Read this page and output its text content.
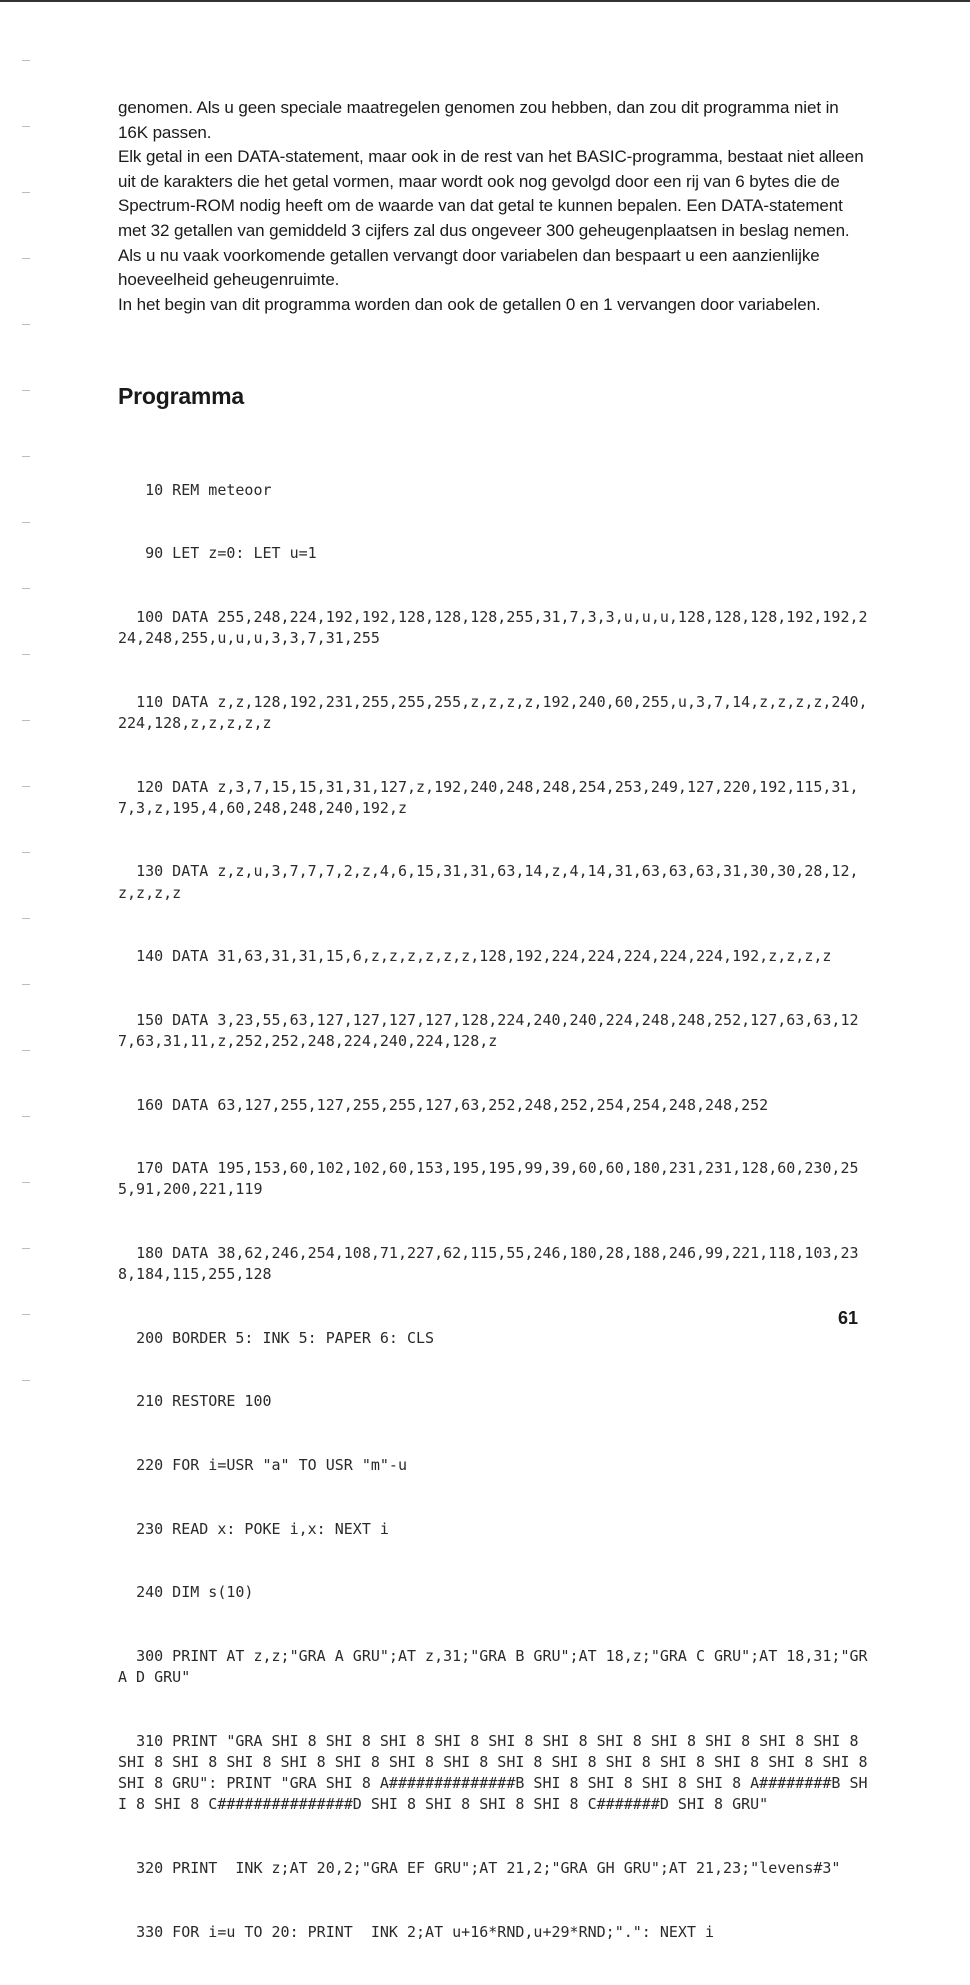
genomen. Als u geen speciale maatregelen genomen zou hebben, dan zou dit programma niet in 16K passen.

Elk getal in een DATA-statement, maar ook in de rest van het BASIC-programma, bestaat niet alleen uit de karakters die het getal vormen, maar wordt ook nog gevolgd door een rij van 6 bytes die de Spectrum-ROM nodig heeft om de waarde van dat getal te kunnen bepalen. Een DATA-statement met 32 getallen van gemiddeld 3 cijfers zal dus ongeveer 300 geheugenplaatsen in beslag nemen. Als u nu vaak voorkomende getallen vervangt door variabelen dan bespaart u een aanzienlijke hoeveelheid geheugenruimte.

In het begin van dit programma worden dan ook de getallen 0 en 1 vervangen door variabelen.

Programma

10 REM meteoor

90 LET z=0: LET u=1

100 DATA 255,248,224,192,192,128,128,128,255,31,7,3,3,u,u,u,128,128,128,192,192,224,248,255,u,u,u,3,3,7,31,255

110 DATA z,z,128,192,231,255,255,255,z,z,z,z,192,240,60,255,u,3,7,14,z,z,z,z,240,224,128,z,z,z,z,z

120 DATA z,3,7,15,15,31,31,127,z,192,240,248,248,254,253,249,127,220,192,115,31,7,3,z,195,4,60,248,248,240,192,z

130 DATA z,z,u,3,7,7,7,2,z,4,6,15,31,31,63,14,z,4,14,31,63,63,63,31,30,30,28,12,z,z,z,z

140 DATA 31,63,31,31,15,6,z,z,z,z,z,z,128,192,224,224,224,224,224,192,z,z,z,z

150 DATA 3,23,55,63,127,127,127,127,128,224,240,240,224,248,248,252,127,63,63,127,63,31,11,z,252,252,248,224,240,224,128,z

160 DATA 63,127,255,127,255,255,127,63,252,248,252,254,254,248,248,252

170 DATA 195,153,60,102,102,60,153,195,195,99,39,60,60,180,231,231,128,60,230,255,91,200,221,119

180 DATA 38,62,246,254,108,71,227,62,115,55,246,180,28,188,246,99,221,118,103,238,184,115,255,128

200 BORDER 5: INK 5: PAPER 6: CLS

210 RESTORE 100

220 FOR i=USR "a" TO USR "m"-u

230 READ x: POKE i,x: NEXT i

240 DIM s(10)

300 PRINT AT z,z;"GRA A GRU";AT z,31;"GRA B GRU";AT 18,z;"GRA C GRU";AT 18,31;"GRA D GRU"

310 PRINT "GRA SHI 8 SHI 8 SHI 8 SHI 8 SHI 8 SHI 8 SHI 8 SHI 8 SHI 8 SHI 8 SHI 8 SHI 8 SHI 8 SHI 8 SHI 8 SHI 8 SHI 8 SHI 8 SHI 8 SHI 8 SHI 8 SHI 8 SHI 8 SHI 8 SHI 8 SHI 8 GRU": PRINT "GRA SHI 8 A##############B SHI 8 SHI 8 SHI 8 SHI 8 A########B SHI 8 SHI 8 C###############D SHI 8 SHI 8 SHI 8 SHI 8 C#######D SHI 8 GRU"

320 PRINT  INK z;AT 20,2;"GRA EF GRU";AT 21,2;"GRA GH GRU";AT 21,23;"levens#3"

330 FOR i=u TO 20: PRINT  INK 2;AT u+16*RND,u+29*RND;".": NEXT i

61
